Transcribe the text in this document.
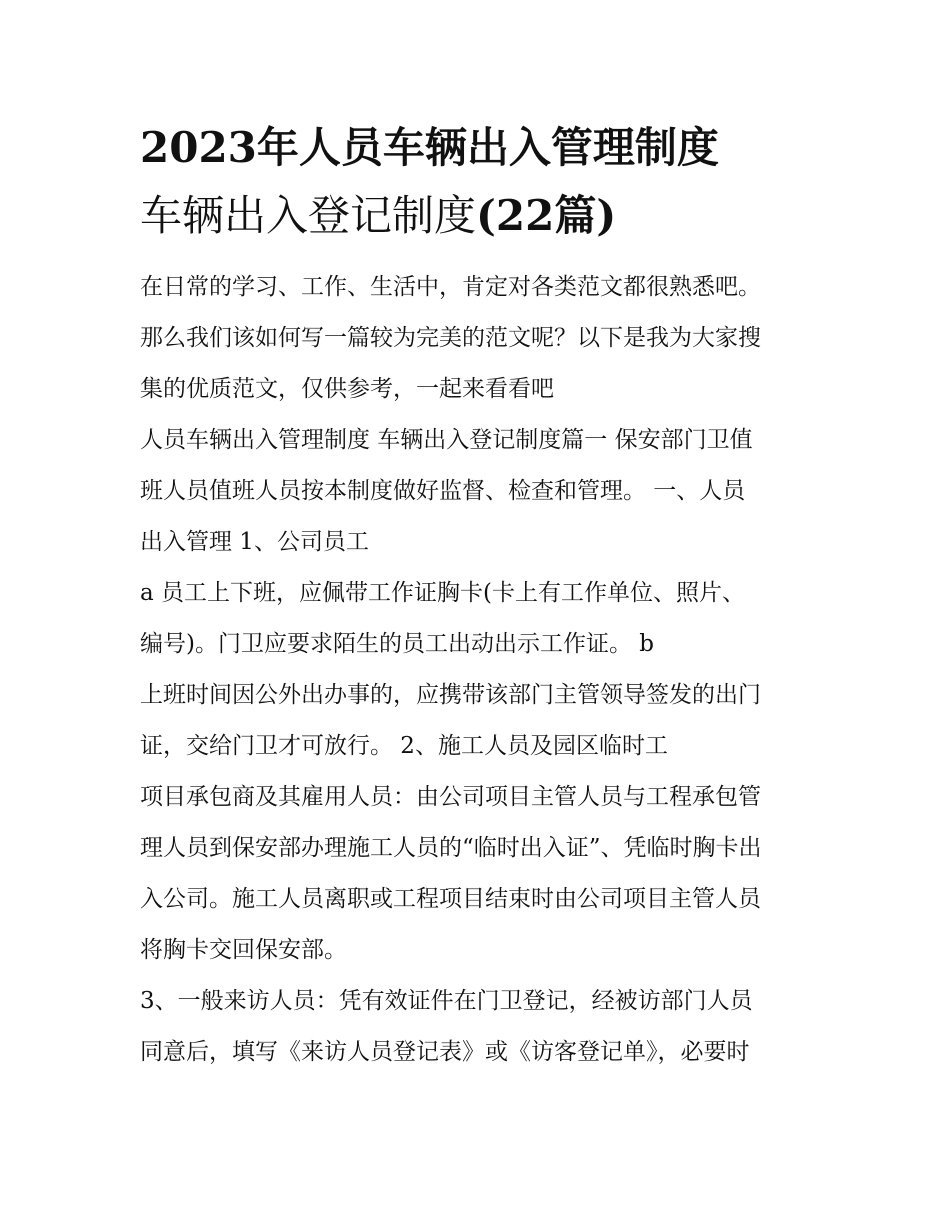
2023年人员车辆出入管理制度
车辆出入登记制度(22篇)

在日常的学习、工作、生活中，肯定对各类范文都很熟悉吧。
那么我们该如何写一篇较为完美的范文呢？以下是我为大家搜
集的优质范文，仅供参考，一起来看看吧

人员车辆出入管理制度 车辆出入登记制度篇一 保安部门卫值
班人员值班人员按本制度做好监督、检查和管理。 一、人员
出入管理 1、公司员工

a 员工上下班，应佩带工作证胸卡(卡上有工作单位、照片、
编号)。门卫应要求陌生的员工出动出示工作证。 b

上班时间因公外出办事的，应携带该部门主管领导签发的出门
证，交给门卫才可放行。 2、施工人员及园区临时工

项目承包商及其雇用人员：由公司项目主管人员与工程承包管
理人员到保安部办理施工人员的“临时出入证”、凭临时胸卡出
入公司。施工人员离职或工程项目结束时由公司项目主管人员
将胸卡交回保安部。

3、一般来访人员：凭有效证件在门卫登记，经被访部门人员
同意后，填写《来访人员登记表》或《访客登记单》，必要时
